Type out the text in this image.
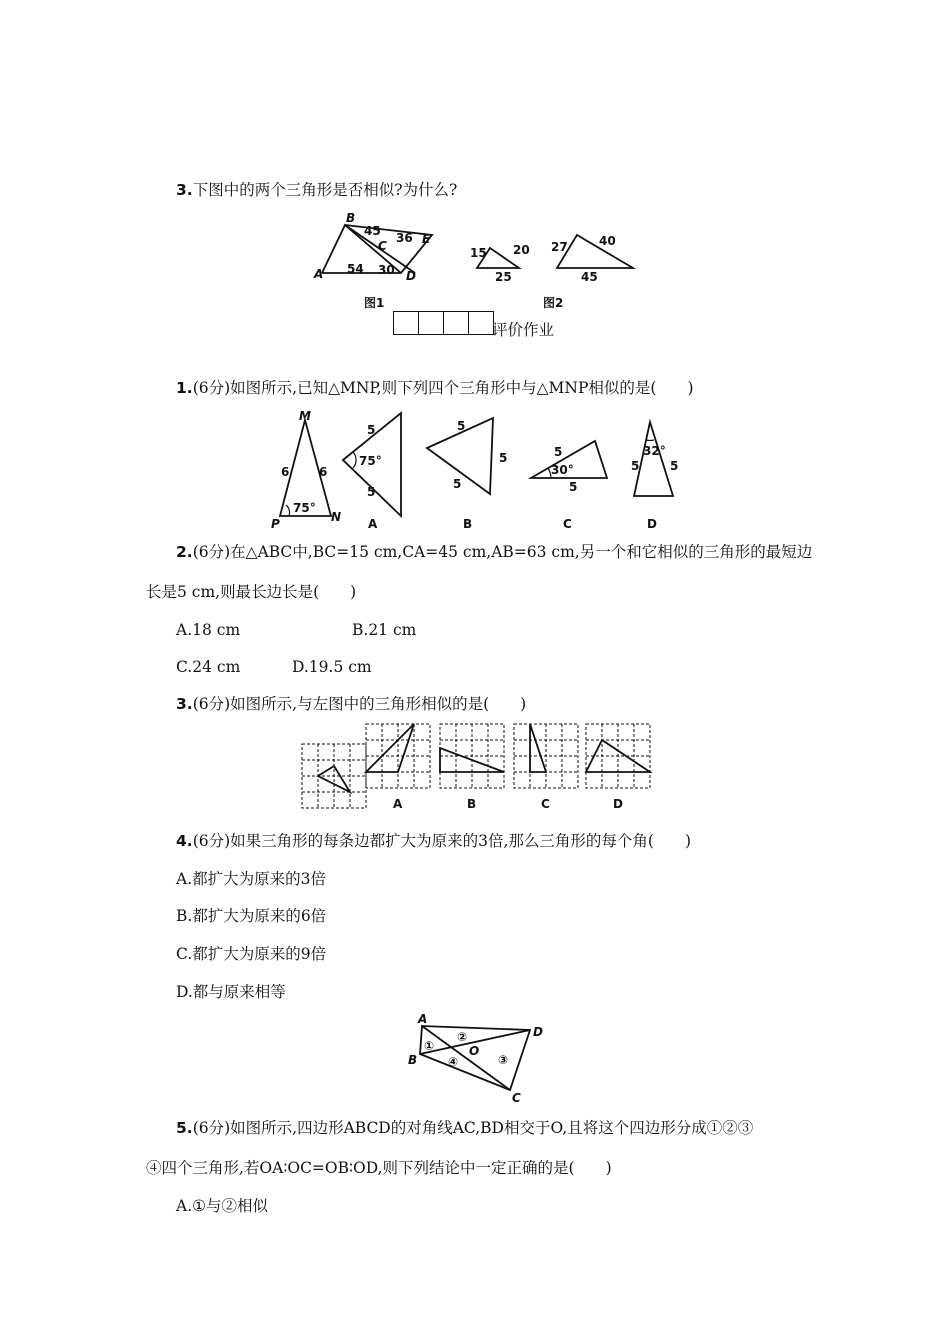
3.下图中的两个三角形是否相似?为什么?
B
45
C
36 E
A 54 30 D
图1
15 20
25
27	40
45
图2
评价作业
1.(6分)如图所示,已知△MNP,则下列四个三角形中与△MNP相似的是(　　)
M
P	N
6 6
75°
5
5
75°
A
5
5
5
B
5
5
30°
C
5	5
32°
D
2.(6分)在△ABC中,BC=15 cm,CA=45 cm,AB=63 cm,另一个和它相似的三角形的最短边
长是5 cm,则最长边长是(　　)
A.18 cm	B.21 cm
C.24 cm	D.19.5 cm
3.(6分)如图所示,与左图中的三角形相似的是(　　)
A	B	C	D
4.(6分)如果三角形的每条边都扩大为原来的3倍,那么三角形的每个角(　　)
A.都扩大为原来的3倍
B.都扩大为原来的6倍
C.都扩大为原来的9倍
D.都与原来相等
A
B
C
D
O
①
②
③
④
5.(6分)如图所示,四边形ABCD的对角线AC,BD相交于O,且将这个四边形分成①②③
④四个三角形,若OA∶OC=OB∶OD,则下列结论中一定正确的是(　　)
A.①与②相似
